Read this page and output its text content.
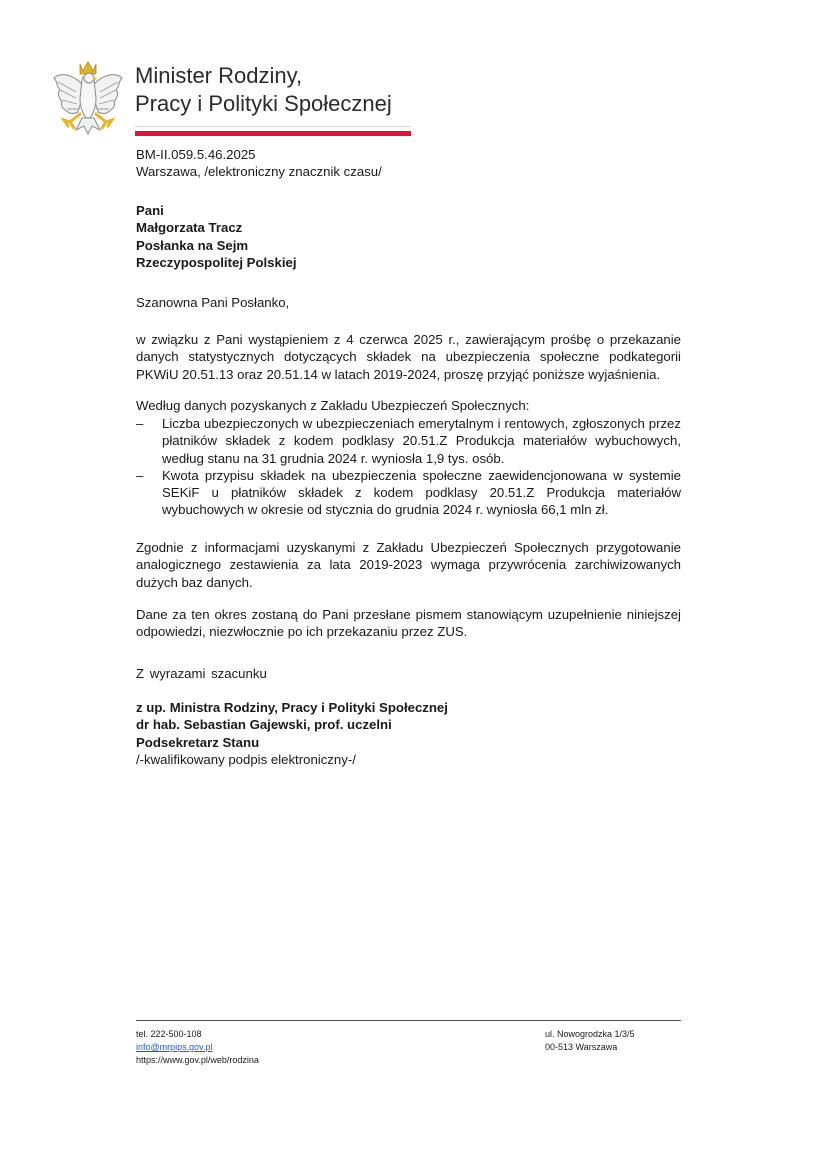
Minister Rodziny,
Pracy i Polityki Społecznej
BM-II.059.5.46.2025
Warszawa, /elektroniczny znacznik czasu/
Pani
Małgorzata Tracz
Posłanka na Sejm
Rzeczypospolitej Polskiej
Szanowna Pani Posłanko,
w związku z Pani wystąpieniem z 4 czerwca 2025 r., zawierającym prośbę o przekazanie danych statystycznych dotyczących składek na ubezpieczenia społeczne podkategorii PKWiU 20.51.13 oraz 20.51.14 w latach 2019-2024, proszę przyjąć poniższe wyjaśnienia.
Według danych pozyskanych z Zakładu Ubezpieczeń Społecznych:
– Liczba ubezpieczonych w ubezpieczeniach emerytalnym i rentowych, zgłoszonych przez płatników składek z kodem podklasy 20.51.Z Produkcja materiałów wybuchowych, według stanu na 31 grudnia 2024 r. wyniosła 1,9 tys. osób.
– Kwota przypisu składek na ubezpieczenia społeczne zaewidencjonowana w systemie SEKiF u płatników składek z kodem podklasy 20.51.Z Produkcja materiałów wybuchowych w okresie od stycznia do grudnia 2024 r. wyniosła 66,1 mln zł.
Zgodnie z informacjami uzyskanymi z Zakładu Ubezpieczeń Społecznych przygotowanie analogicznego zestawienia za lata 2019-2023 wymaga przywrócenia zarchiwizowanych dużych baz danych.
Dane za ten okres zostaną do Pani przesłane pismem stanowiącym uzupełnienie niniejszej odpowiedzi, niezwłocznie po ich przekazaniu przez ZUS.
Z wyrazami szacunku
z up. Ministra Rodziny, Pracy i Polityki Społecznej
dr hab. Sebastian Gajewski, prof. uczelni
Podsekretarz Stanu
/-kwalifikowany podpis elektroniczny-/
tel. 222-500-108
info@mrpips.gov.pl
https://www.gov.pl/web/rodzina
ul. Nowogrodzka 1/3/5
00-513 Warszawa
